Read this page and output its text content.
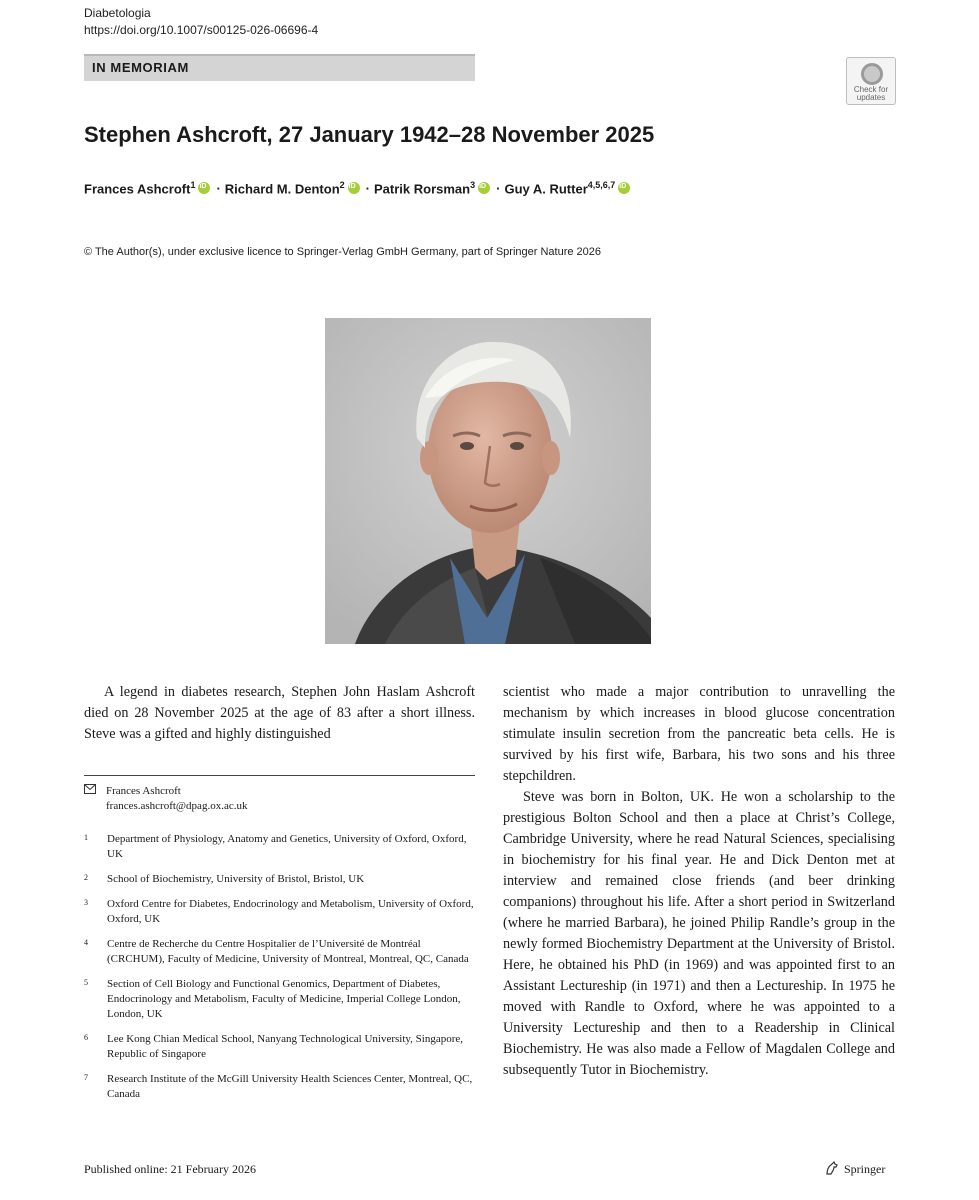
Diabetologia
https://doi.org/10.1007/s00125-026-06696-4
IN MEMORIAM
Check for
updates
Stephen Ashcroft, 27 January 1942–28 November 2025
Frances Ashcroft$^1$ iD · Richard M. Denton$^2$ iD · Patrik Rorsman$^3$ iD · Guy A. Rutter$^{4,5,6,7}$iD
© The Author(s), under exclusive licence to Springer-Verlag GmbH Germany, part of Springer Nature 2026

A legend in diabetes research, Stephen John Haslam Ashcroft died on 28 November 2025 at the age of 83 after a short illness. Steve was a gifted and highly distinguished

Frances Ashcroft
frances.ashcroft@dpag.ox.ac.uk
1 Department of Physiology, Anatomy and Genetics, University of Oxford, Oxford, UK
2 School of Biochemistry, University of Bristol, Bristol, UK
3 Oxford Centre for Diabetes, Endocrinology and Metabolism, University of Oxford, Oxford, UK
4 Centre de Recherche du Centre Hospitalier de l’Université de Montréal (CRCHUM), Faculty of Medicine, University of Montreal, Montreal, QC, Canada
5 Section of Cell Biology and Functional Genomics, Department of Diabetes, Endocrinology and Metabolism, Faculty of Medicine, Imperial College London, London, UK
6 Lee Kong Chian Medical School, Nanyang Technological University, Singapore, Republic of Singapore
7 Research Institute of the McGill University Health Sciences Center, Montreal, QC, Canada

scientist who made a major contribution to unravelling the mechanism by which increases in blood glucose concentration stimulate insulin secretion from the pancreatic beta cells. He is survived by his first wife, Barbara, his two sons and his three stepchildren.

Steve was born in Bolton, UK. He won a scholarship to the prestigious Bolton School and then a place at Christ’s College, Cambridge University, where he read Natural Sciences, specialising in biochemistry for his final year. He and Dick Denton met at interview and remained close friends (and beer drinking companions) throughout his life. After a short period in Switzerland (where he married Barbara), he joined Philip Randle’s group in the newly formed Biochemistry Department at the University of Bristol. Here, he obtained his PhD (in 1969) and was appointed first to an Assistant Lectureship (in 1971) and then a Lectureship. In 1975 he moved with Randle to Oxford, where he was appointed to a University Lectureship and then to a Readership in Clinical Biochemistry. He was also made a Fellow of Magdalen College and subsequently Tutor in Biochemistry.

Published online: 21 February 2026	Springer
